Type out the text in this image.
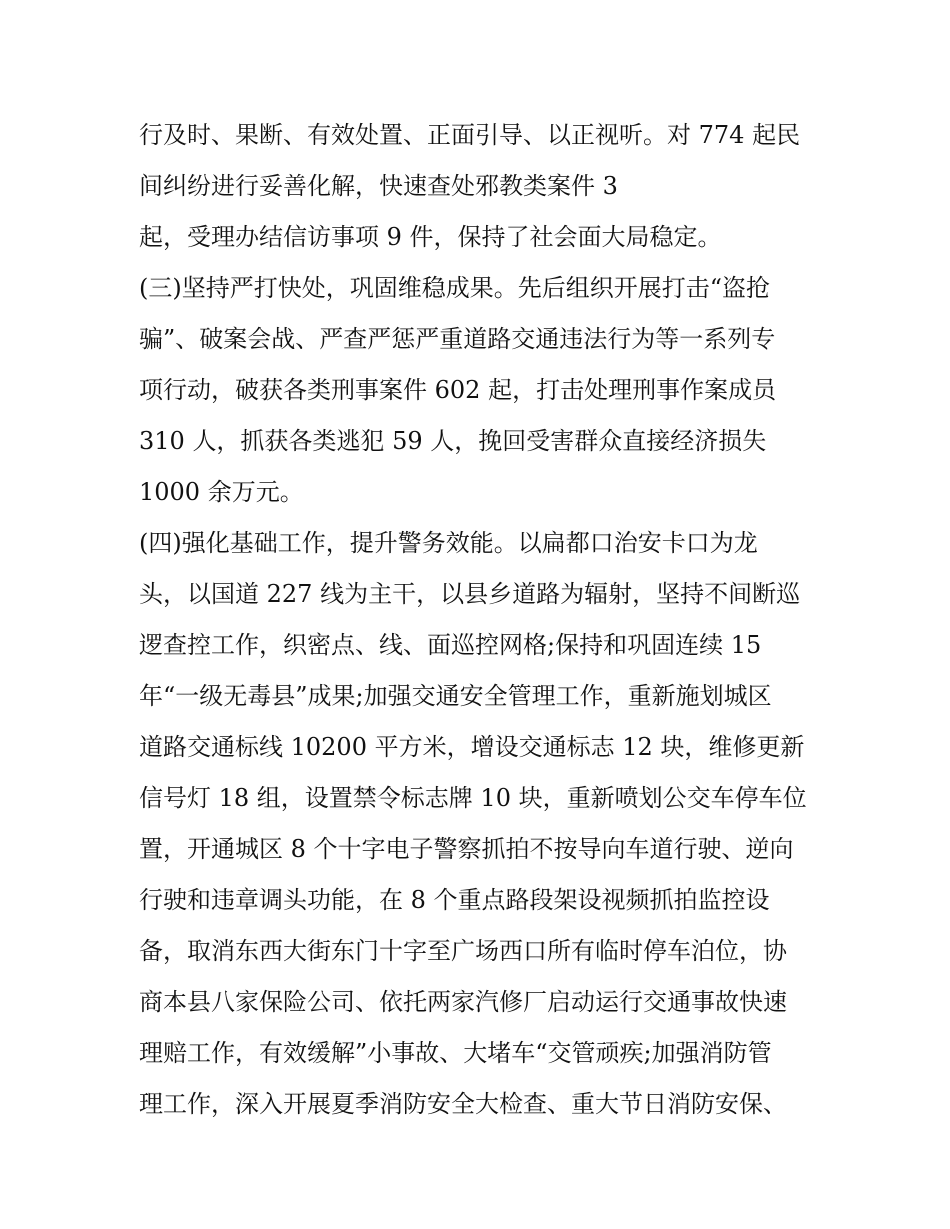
行及时、果断、有效处置、正面引导、以正视听。对 774 起民
间纠纷进行妥善化解，快速查处邪教类案件 3
起，受理办结信访事项 9 件，保持了社会面大局稳定。
(三)坚持严打快处，巩固维稳成果。先后组织开展打击“盗抢
骗”、破案会战、严查严惩严重道路交通违法行为等一系列专
项行动，破获各类刑事案件 602 起，打击处理刑事作案成员
310 人，抓获各类逃犯 59 人，挽回受害群众直接经济损失
1000 余万元。
(四)强化基础工作，提升警务效能。以扁都口治安卡口为龙
头，以国道 227 线为主干，以县乡道路为辐射，坚持不间断巡
逻查控工作，织密点、线、面巡控网格;保持和巩固连续 15
年“一级无毒县”成果;加强交通安全管理工作，重新施划城区
道路交通标线 10200 平方米，增设交通标志 12 块，维修更新
信号灯 18 组，设置禁令标志牌 10 块，重新喷划公交车停车位
置，开通城区 8 个十字电子警察抓拍不按导向车道行驶、逆向
行驶和违章调头功能，在 8 个重点路段架设视频抓拍监控设
备，取消东西大街东门十字至广场西口所有临时停车泊位，协
商本县八家保险公司、依托两家汽修厂启动运行交通事故快速
理赔工作，有效缓解”小事故、大堵车“交管顽疾;加强消防管
理工作，深入开展夏季消防安全大检查、重大节日消防安保、
